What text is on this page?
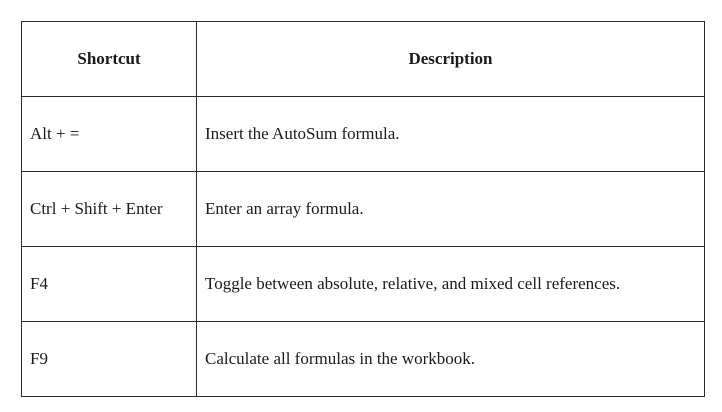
Shortcut	Description
Alt + =	Insert the AutoSum formula.
Ctrl + Shift + Enter	Enter an array formula.
F4	Toggle between absolute, relative, and mixed cell references.
F9	Calculate all formulas in the workbook.
